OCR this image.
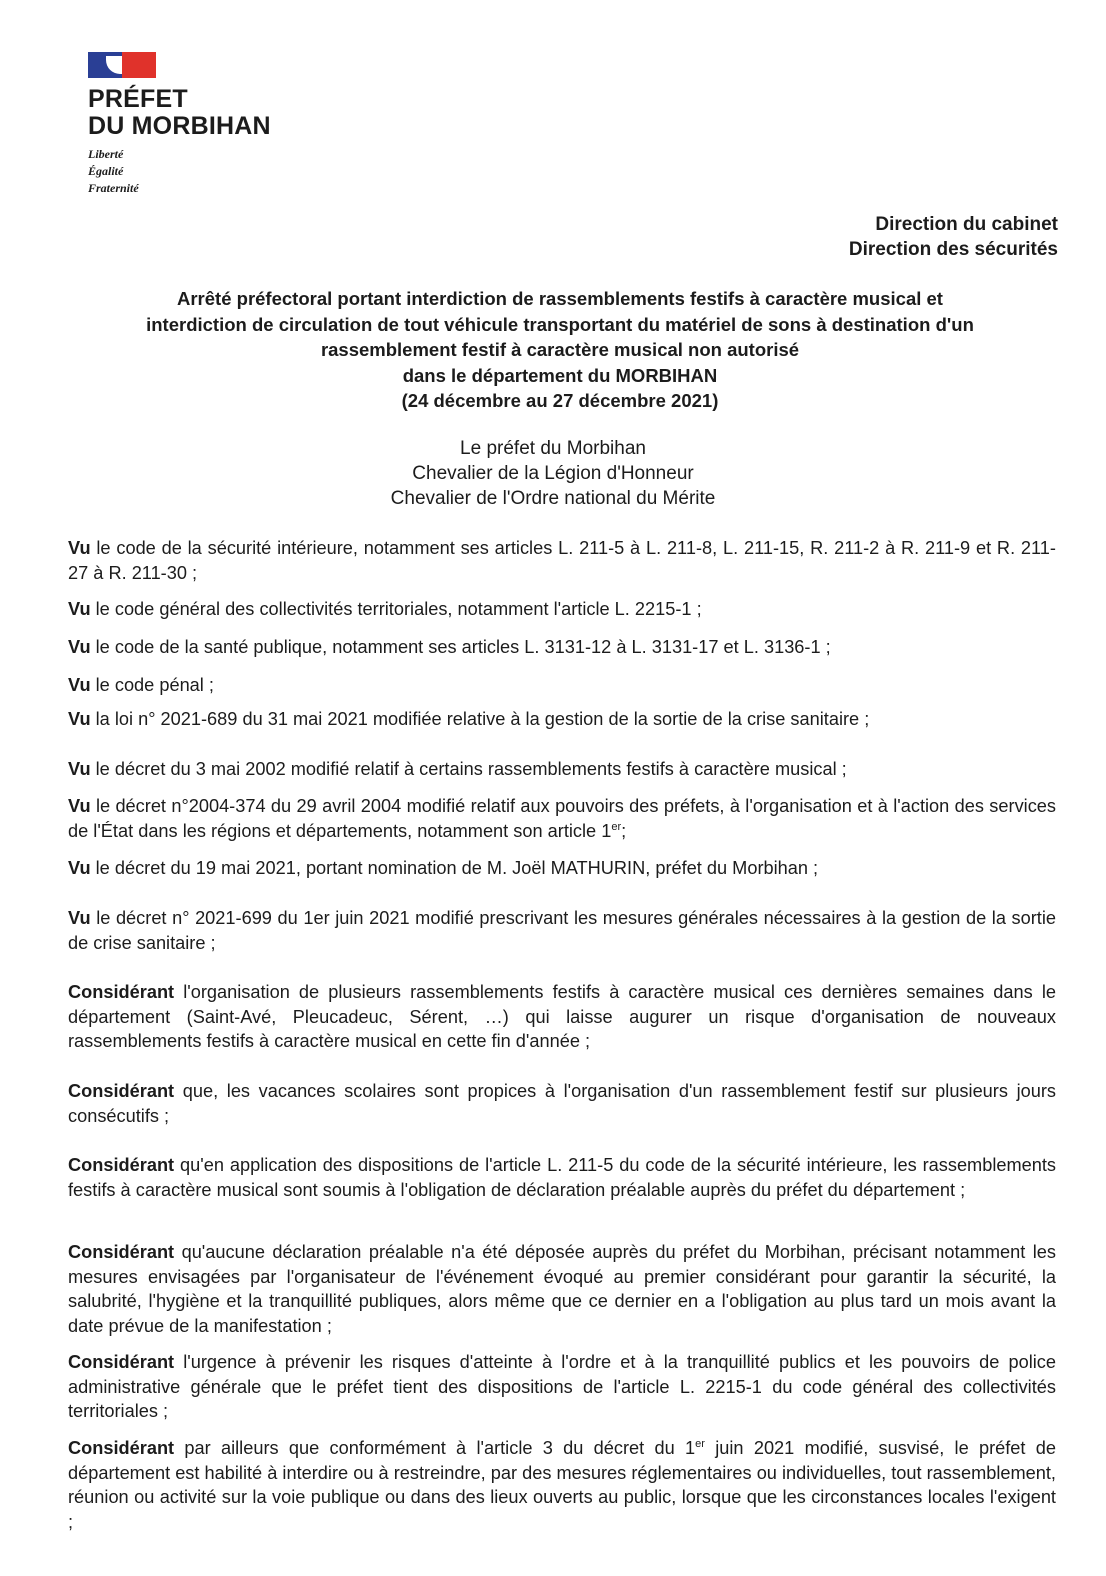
PRÉFET
DU MORBIHAN
Liberté
Égalité
Fraternité
Direction du cabinet
Direction des sécurités
Arrêté préfectoral portant interdiction de rassemblements festifs à caractère musical et
interdiction de circulation de tout véhicule transportant du matériel de sons à destination d'un
rassemblement festif à caractère musical non autorisé
dans le département du MORBIHAN
(24 décembre au 27 décembre 2021)
Le préfet du Morbihan
Chevalier de la Légion d'Honneur
Chevalier de l'Ordre national du Mérite

Vu le code de la sécurité intérieure, notamment ses articles L. 211-5 à L. 211-8, L. 211-15, R. 211-2 à R. 211-9 et R. 211-27 à R. 211-30 ;

Vu le code général des collectivités territoriales, notamment l'article L. 2215-1 ;

Vu le code de la santé publique, notamment ses articles L. 3131-12 à L. 3131-17 et L. 3136-1 ;

Vu le code pénal ;

Vu la loi n° 2021-689 du 31 mai 2021 modifiée relative à la gestion de la sortie de la crise sanitaire ;

Vu le décret du 3 mai 2002 modifié relatif à certains rassemblements festifs à caractère musical ;

Vu le décret n°2004-374 du 29 avril 2004 modifié relatif aux pouvoirs des préfets, à l'organisation et à l'action des services de l'État dans les régions et départements, notamment son article 1er;

Vu le décret du 19 mai 2021, portant nomination de M. Joël MATHURIN, préfet du Morbihan ;

Vu le décret n° 2021-699 du 1er juin 2021 modifié prescrivant les mesures générales nécessaires à la gestion de la sortie de crise sanitaire ;

Considérant l'organisation de plusieurs rassemblements festifs à caractère musical ces dernières semaines dans le département (Saint-Avé, Pleucadeuc, Sérent, …) qui laisse augurer un risque d'organisation de nouveaux rassemblements festifs à caractère musical en cette fin d'année ;

Considérant que, les vacances scolaires sont propices à l'organisation d'un rassemblement festif sur plusieurs jours consécutifs ;

Considérant qu'en application des dispositions de l'article L. 211-5 du code de la sécurité intérieure, les rassemblements festifs à caractère musical sont soumis à l'obligation de déclaration préalable auprès du préfet du département ;

Considérant qu'aucune déclaration préalable n'a été déposée auprès du préfet du Morbihan, précisant notamment les mesures envisagées par l'organisateur de l'événement évoqué au premier considérant pour garantir la sécurité, la salubrité, l'hygiène et la tranquillité publiques, alors même que ce dernier en a l'obligation au plus tard un mois avant la date prévue de la manifestation ;

Considérant l'urgence à prévenir les risques d'atteinte à l'ordre et à la tranquillité publics et les pouvoirs de police administrative générale que le préfet tient des dispositions de l'article L. 2215-1 du code général des collectivités territoriales ;

Considérant par ailleurs que conformément à l'article 3 du décret du 1er juin 2021 modifié, susvisé, le préfet de département est habilité à interdire ou à restreindre, par des mesures réglementaires ou individuelles, tout rassemblement, réunion ou activité sur la voie publique ou dans des lieux ouverts au public, lorsque que les circonstances locales l'exigent ;
